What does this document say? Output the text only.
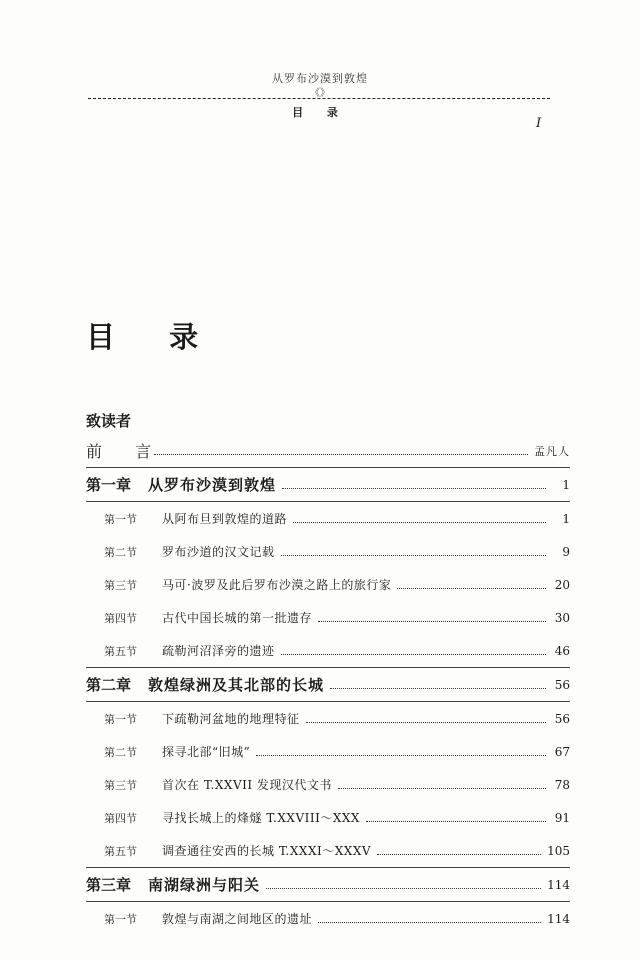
从罗布沙漠到敦煌
《》
目 录
I
目 录
致读者
前 言	孟凡人
第一章	从罗布沙漠到敦煌	1
第一节	从阿布旦到敦煌的道路	1
第二节	罗布沙道的汉文记载	9
第三节	马可·波罗及此后罗布沙漠之路上的旅行家	20
第四节	古代中国长城的第一批遗存	30
第五节	疏勒河沼泽旁的遗迹	46
第二章	敦煌绿洲及其北部的长城	56
第一节	下疏勒河盆地的地理特征	56
第二节	探寻北部“旧城”	67
第三节	首次在 T.XXVII 发现汉代文书	78
第四节	寻找长城上的烽燧 T.XXVIII～XXX	91
第五节	调查通往安西的长城 T.XXXI～XXXV	105
第三章	南湖绿洲与阳关	114
第一节	敦煌与南湖之间地区的遗址	114
